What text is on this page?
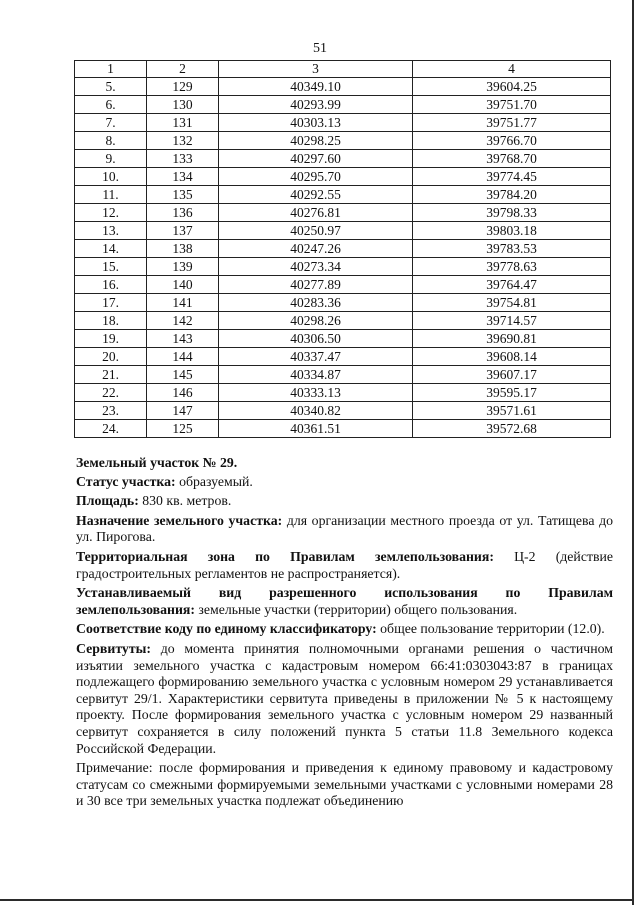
51
1	2	3	4
5.	129	40349.10	39604.25
6.	130	40293.99	39751.70
7.	131	40303.13	39751.77
8.	132	40298.25	39766.70
9.	133	40297.60	39768.70
10.	134	40295.70	39774.45
11.	135	40292.55	39784.20
12.	136	40276.81	39798.33
13.	137	40250.97	39803.18
14.	138	40247.26	39783.53
15.	139	40273.34	39778.63
16.	140	40277.89	39764.47
17.	141	40283.36	39754.81
18.	142	40298.26	39714.57
19.	143	40306.50	39690.81
20.	144	40337.47	39608.14
21.	145	40334.87	39607.17
22.	146	40333.13	39595.17
23.	147	40340.82	39571.61
24.	125	40361.51	39572.68

Земельный участок № 29.

Статус участка: образуемый.

Площадь: 830 кв. метров.

Назначение земельного участка: для организации местного проезда от ул. Татищева до ул. Пирогова.

Территориальная зона по Правилам землепользования: Ц-2 (действие градостроительных регламентов не распространяется).

Устанавливаемый вид разрешенного использования по Правилам землепользования: земельные участки (территории) общего пользования.

Соответствие коду по единому классификатору: общее пользование территории (12.0).

Сервитуты: до момента принятия полномочными органами решения о частичном изъятии земельного участка с кадастровым номером 66:41:0303043:87 в границах подлежащего формированию земельного участка с условным номером 29 устанавливается сервитут 29/1. Характеристики сервитута приведены в приложении № 5 к настоящему проекту. После формирования земельного участка с условным номером 29 названный сервитут сохраняется в силу положений пункта 5 статьи 11.8 Земельного кодекса Российской Федерации.

Примечание: после формирования и приведения к единому правовому и кадастровому статусам со смежными формируемыми земельными участками с условными номерами 28 и 30 все три земельных участка подлежат объединению
